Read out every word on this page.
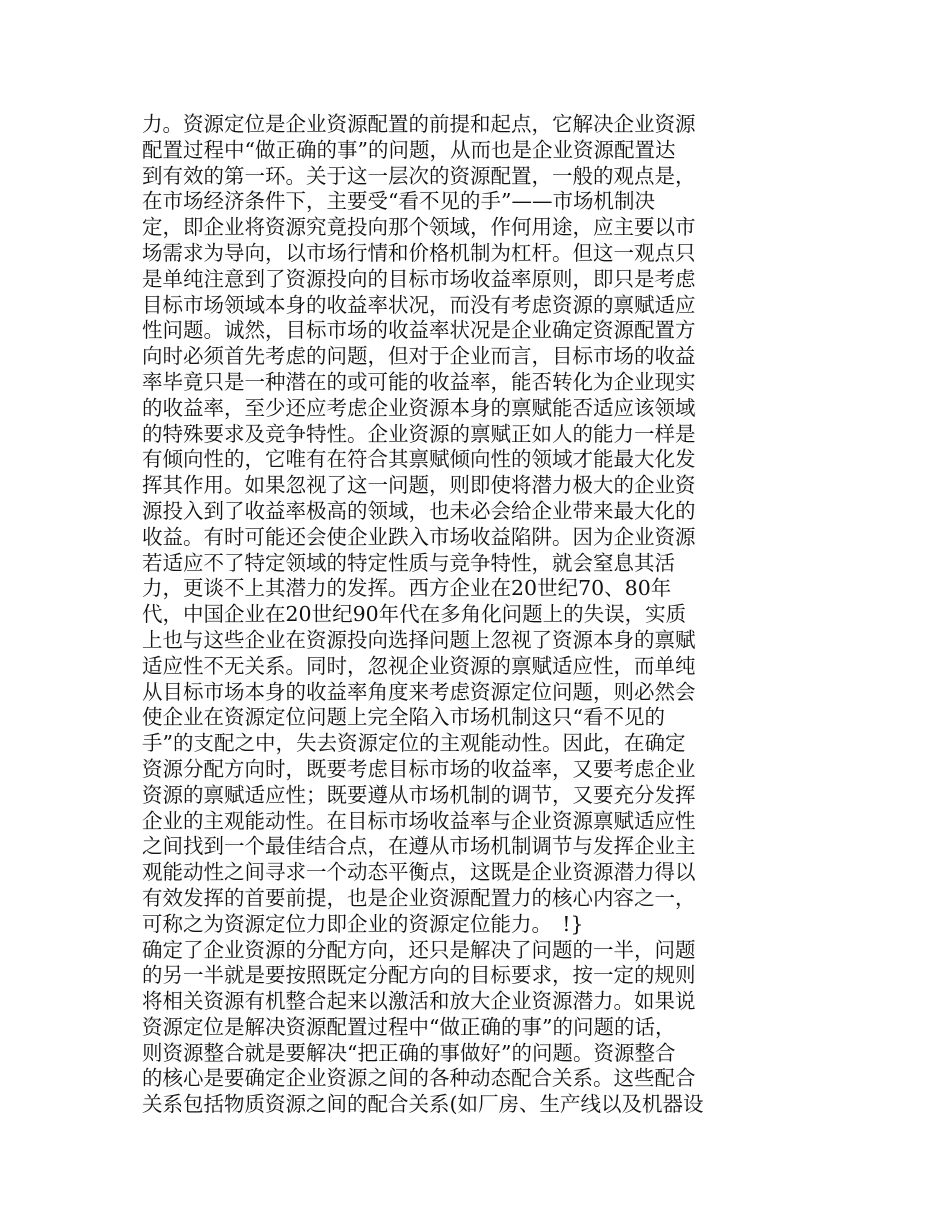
力。资源定位是企业资源配置的前提和起点，它解决企业资源
配置过程中“做正确的事”的问题，从而也是企业资源配置达
到有效的第一环。关于这一层次的资源配置，一般的观点是，
在市场经济条件下，主要受“看不见的手”——市场机制决
定，即企业将资源究竟投向那个领域，作何用途，应主要以市
场需求为导向，以市场行情和价格机制为杠杆。但这一观点只
是单纯注意到了资源投向的目标市场收益率原则，即只是考虑
目标市场领域本身的收益率状况，而没有考虑资源的禀赋适应
性问题。诚然，目标市场的收益率状况是企业确定资源配置方
向时必须首先考虑的问题，但对于企业而言，目标市场的收益
率毕竟只是一种潜在的或可能的收益率，能否转化为企业现实
的收益率，至少还应考虑企业资源本身的禀赋能否适应该领域
的特殊要求及竞争特性。企业资源的禀赋正如人的能力一样是
有倾向性的，它唯有在符合其禀赋倾向性的领域才能最大化发
挥其作用。如果忽视了这一问题，则即使将潜力极大的企业资
源投入到了收益率极高的领域，也未必会给企业带来最大化的
收益。有时可能还会使企业跌入市场收益陷阱。因为企业资源
若适应不了特定领域的特定性质与竞争特性，就会窒息其活
力，更谈不上其潜力的发挥。西方企业在20世纪70、80年
代，中国企业在20世纪90年代在多角化问题上的失误，实质
上也与这些企业在资源投向选择问题上忽视了资源本身的禀赋
适应性不无关系。同时，忽视企业资源的禀赋适应性，而单纯
从目标市场本身的收益率角度来考虑资源定位问题，则必然会
使企业在资源定位问题上完全陷入市场机制这只“看不见的
手”的支配之中，失去资源定位的主观能动性。因此，在确定
资源分配方向时，既要考虑目标市场的收益率，又要考虑企业
资源的禀赋适应性；既要遵从市场机制的调节，又要充分发挥
企业的主观能动性。在目标市场收益率与企业资源禀赋适应性
之间找到一个最佳结合点，在遵从市场机制调节与发挥企业主
观能动性之间寻求一个动态平衡点，这既是企业资源潜力得以
有效发挥的首要前提，也是企业资源配置力的核心内容之一，
可称之为资源定位力即企业的资源定位能力。　!}
确定了企业资源的分配方向，还只是解决了问题的一半，问题
的另一半就是要按照既定分配方向的目标要求，按一定的规则
将相关资源有机整合起来以激活和放大企业资源潜力。如果说
资源定位是解决资源配置过程中“做正确的事”的问题的话，
则资源整合就是要解决“把正确的事做好”的问题。资源整合
的核心是要确定企业资源之间的各种动态配合关系。这些配合
关系包括物质资源之间的配合关系(如厂房、生产线以及机器设
